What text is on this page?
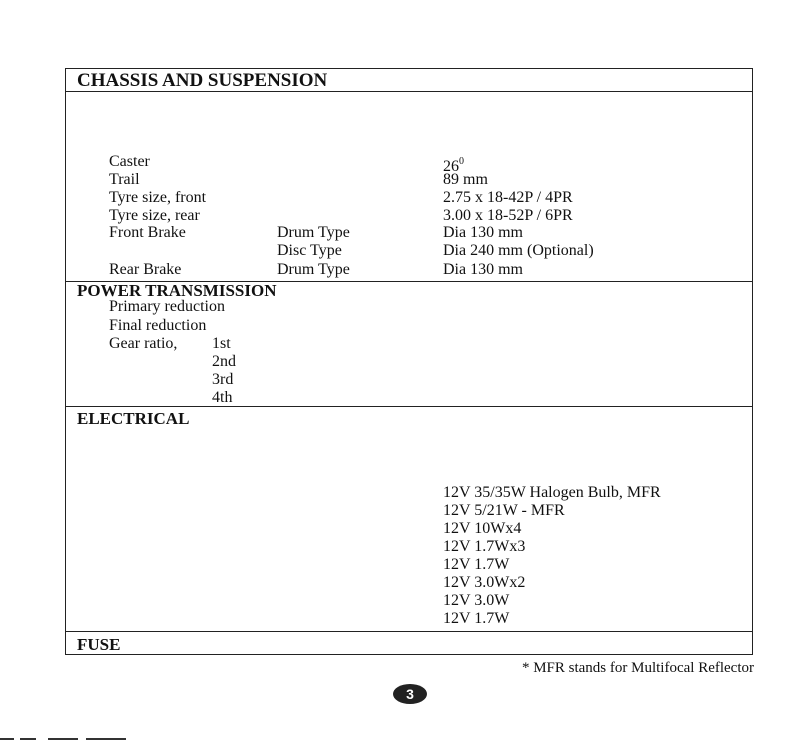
CHASSIS AND SUSPENSION
Caster	$26^0$
Trail	89 mm
Tyre size, front	2.75 x 18-42P / 4PR
Tyre size, rear	3.00 x 18-52P / 6PR
Front Brake	Drum Type	Dia 130 mm
Disc Type	Dia 240 mm (Optional)
Rear Brake	Drum Type	Dia 130 mm
POWER TRANSMISSION
Primary reduction
Final reduction
Gear ratio, 1st
2nd
3rd
4th
ELECTRICAL
12V 35/35W Halogen Bulb, MFR
12V 5/21W - MFR
12V 10Wx4
12V 1.7Wx3
12V 1.7W
12V 3.0Wx2
12V 3.0W
12V 1.7W
FUSE
* MFR stands for Multifocal Reflector
3
